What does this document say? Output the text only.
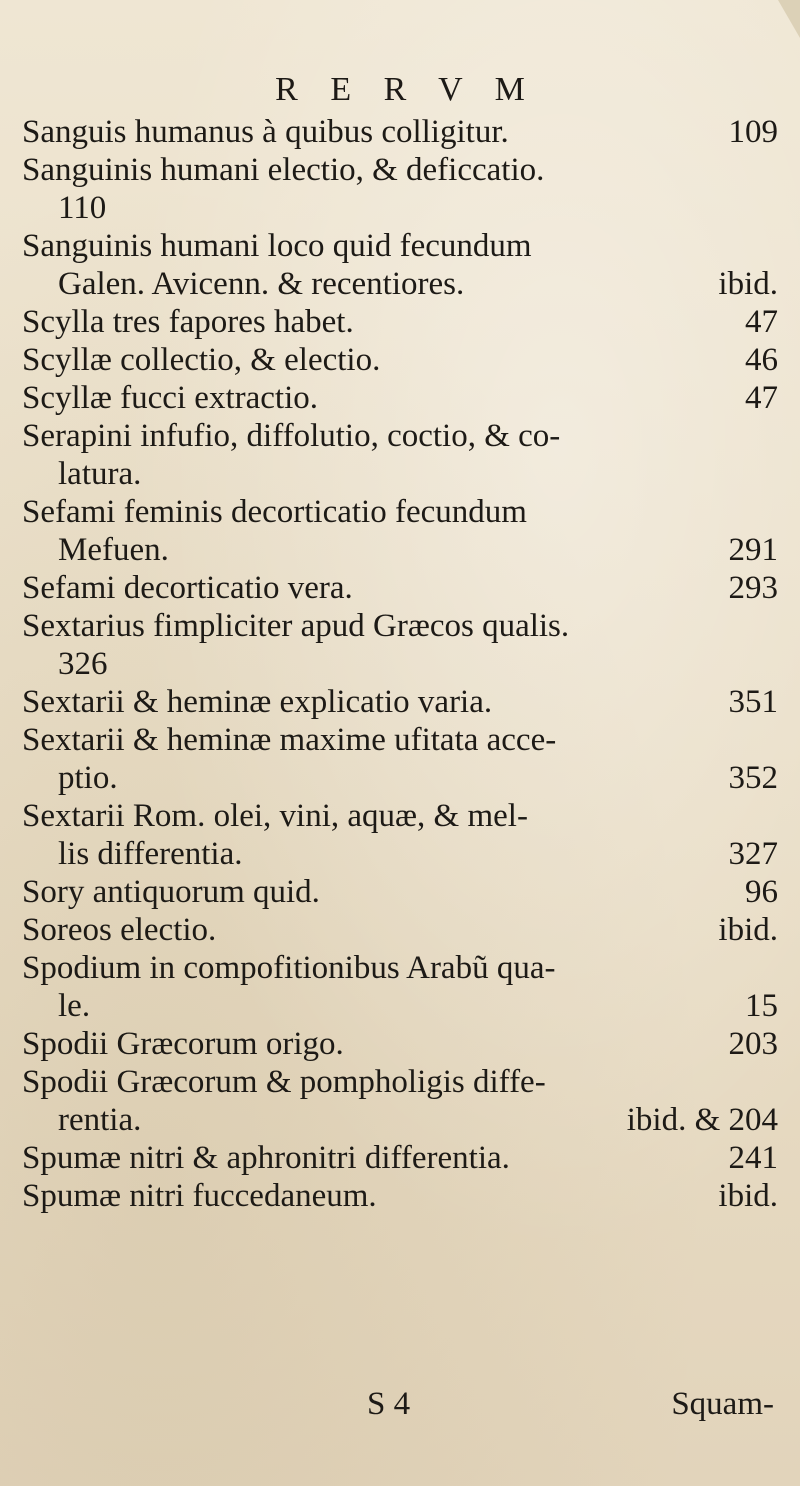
R E R V M
Sanguis humanus à quibus colligitur.	109
Sanguinis humani electio, & deficcatio.
110
Sanguinis humani loco quid fecundum
Galen. Avicenn. & recentiores.	ibid.
Scylla tres fapores habet.	47
Scyllæ collectio, & electio.	46
Scyllæ fucci extractio.	47
Serapini infufio, diffolutio, coctio, & co-
latura.
Sefami feminis decorticatio fecundum
Mefuen.	291
Sefami decorticatio vera.	293
Sextarius fimpliciter apud Græcos qualis.
326
Sextarii & heminæ explicatio varia.	351
Sextarii & heminæ maxime ufitata acce-
ptio.	352
Sextarii Rom. olei, vini, aquæ, & mel-
lis differentia.	327
Sory antiquorum quid.	96
Soreos electio.	ibid.
Spodium in compofitionibus Arabũ qua-
le.	15
Spodii Græcorum origo.	203
Spodii Græcorum & pompholigis diffe-
rentia.	ibid. & 204
Spumæ nitri & aphronitri differentia.	241
Spumæ nitri fuccedaneum.	ibid.
S 4	Squam-
